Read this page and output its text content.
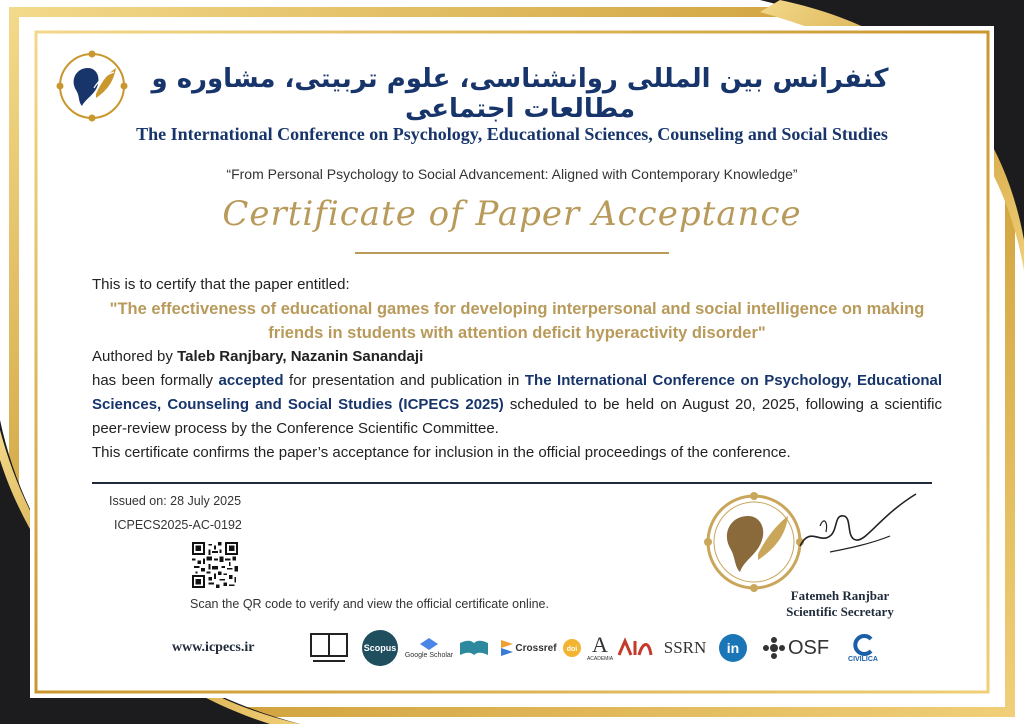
کنفرانس بین المللی روانشناسی، علوم تربیتی، مشاوره و مطالعات اجتماعی
The International Conference on Psychology, Educational Sciences, Counseling and Social Studies
“From Personal Psychology to Social Advancement: Aligned with Contemporary Knowledge”
Certificate of Paper Acceptance

This is to certify that the paper entitled:

"The effectiveness of educational games for developing interpersonal and social intelligence on making friends in students with attention deficit hyperactivity disorder"

Authored by Taleb Ranjbary, Nazanin Sanandaji

has been formally accepted for presentation and publication in The International Conference on Psychology, Educational Sciences, Counseling and Social Studies (ICPECS 2025) scheduled to be held on August 20, 2025, following a scientific peer-review process by the Conference Scientific Committee.

This certificate confirms the paper’s acceptance for inclusion in the official proceedings of the conference.

Issued on: 28 July 2025
ICPECS2025-AC-0192
Scan the QR code to verify and view the official certificate online.
Fatemeh Ranjbar
Scientific Secretary
www.icpecs.ir	Scopus
Google Scholar
Crossref doi A
ACADEMIA
SSRN in OSF
CIVILICA
